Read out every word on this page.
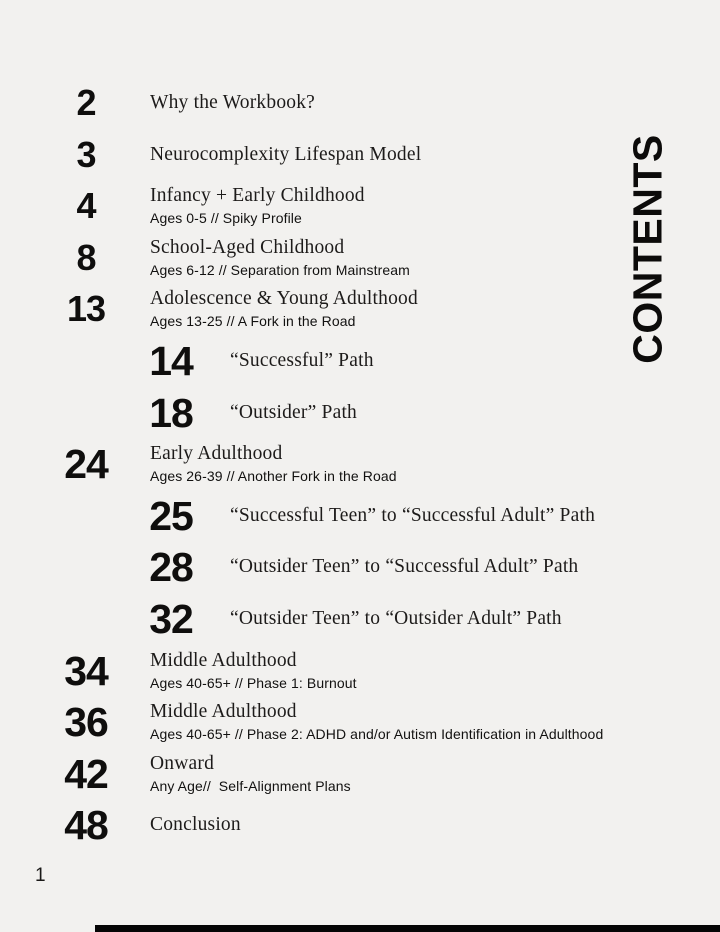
CONTENTS
2	Why the Workbook?
3	Neurocomplexity Lifespan Model
4	Infancy + Early Childhood
Ages 0-5 // Spiky Profile
8	School-Aged Childhood
Ages 6-12 // Separation from Mainstream
13	Adolescence & Young Adulthood
Ages 13-25 // A Fork in the Road
14	“Successful” Path
18	“Outsider” Path
24	Early Adulthood
Ages 26-39 // Another Fork in the Road
25	“Successful Teen” to “Successful Adult” Path
28	“Outsider Teen” to “Successful Adult” Path
32	“Outsider Teen” to “Outsider Adult” Path
34	Middle Adulthood
Ages 40-65+ // Phase 1: Burnout
36	Middle Adulthood
Ages 40-65+ // Phase 2: ADHD and/or Autism Identification in Adulthood
42	Onward
Any Age//  Self-Alignment Plans
48	Conclusion
1
